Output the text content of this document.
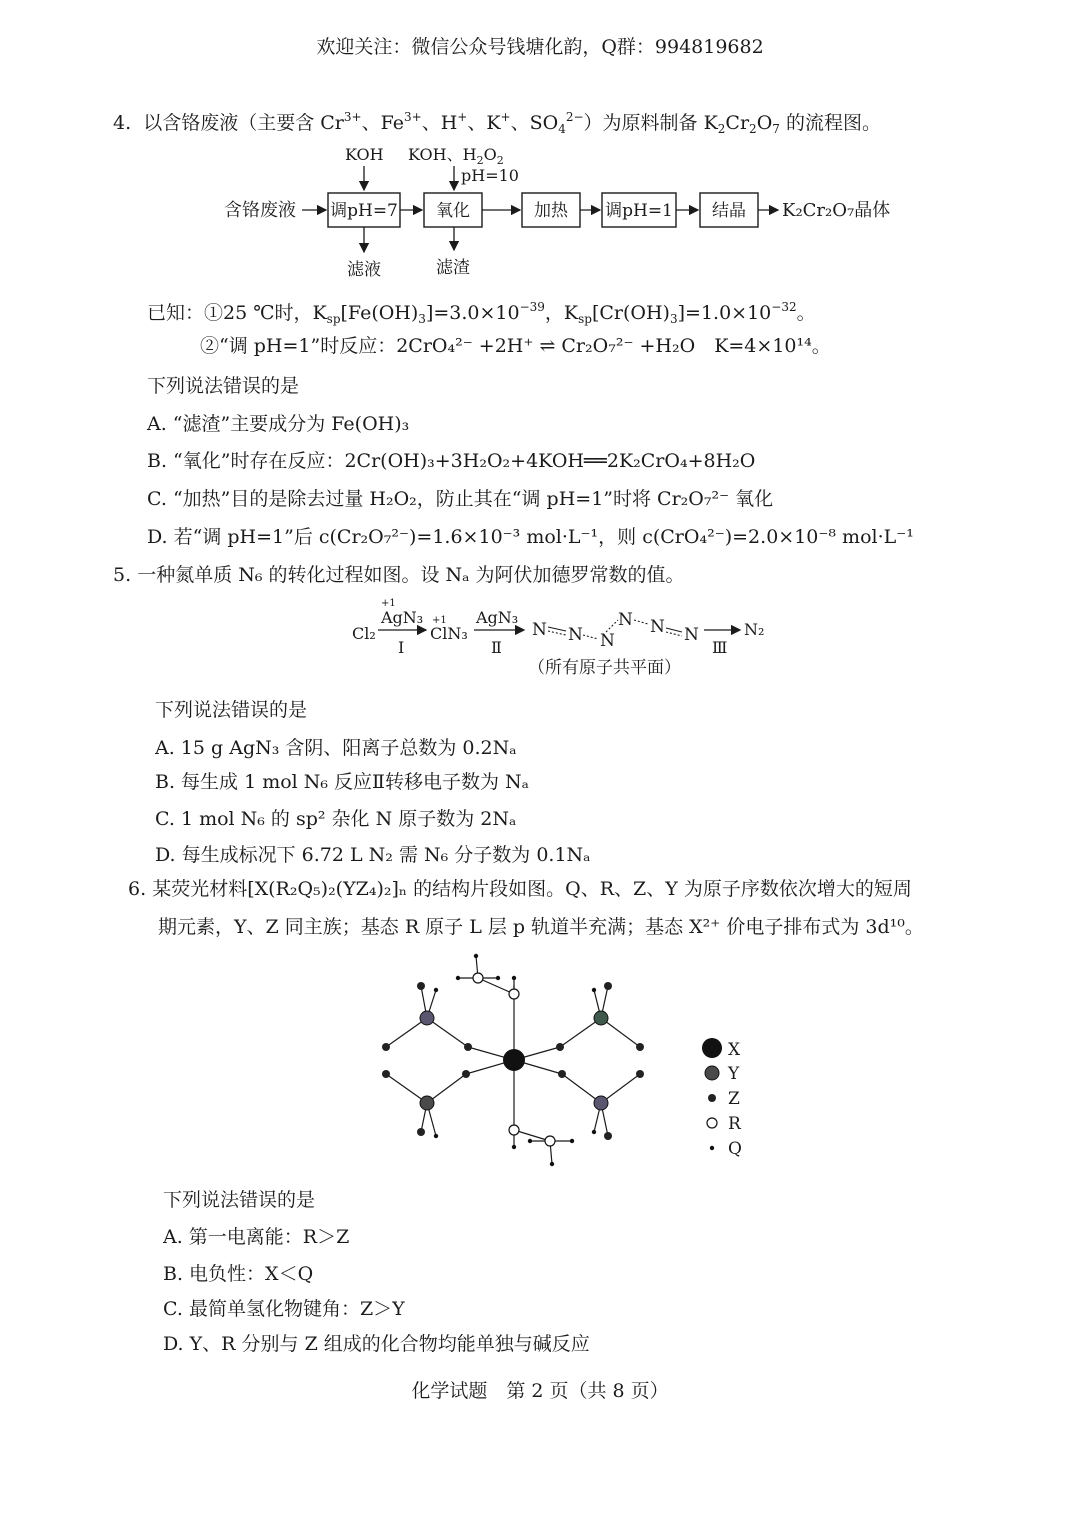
欢迎关注：微信公众号钱塘化韵，Q群：994819682
4. 以含铬废液（主要含 $Cr^{3+}$、$Fe^{3+}$、H+、K+、$SO_4^{2-}$）为原料制备 $K_2Cr_2O_7$ 的流程图。
KOH KOH、$H_2O_2$
pH=10
含铬废液 调pH=7 氧化	加热 调pH=1 结晶 K₂Cr₂O₇晶体
滤液	滤渣
已知：①25 ℃时，$K_{sp}[Fe(OH)_3]=3.0\times 10^{-39}$，$K_{sp}[Cr(OH)_3]=1.0\times 10^{-32}$。
②“调 pH=1”时反应：2CrO₄²⁻ +2H⁺ ⇌ Cr₂O₇²⁻ +H₂O　K=4×10¹⁴。
下列说法错误的是
A. “滤渣”主要成分为 Fe(OH)₃
B. “氧化”时存在反应：2Cr(OH)₃+3H₂O₂+4KOH══2K₂CrO₄+8H₂O
C. “加热”目的是除去过量 H₂O₂，防止其在“调 pH=1”时将 Cr₂O₇²⁻ 氧化
D. 若“调 pH=1”后 c(Cr₂O₇²⁻)=1.6×10⁻³ mol·L⁻¹，则 c(CrO₄²⁻)=2.0×10⁻⁸ mol·L⁻¹
5. 一种氮单质 N₆ 的转化过程如图。设 Nₐ 为阿伏加德罗常数的值。
Cl₂
+1
AgN₃
Ⅰ
+1
ClN₃
AgN₃
Ⅱ
N N N
N N N
Ⅲ
N₂
（所有原子共平面）
下列说法错误的是
A. 15 g AgN₃ 含阴、阳离子总数为 0.2Nₐ
B. 每生成 1 mol N₆ 反应Ⅱ转移电子数为 Nₐ
C. 1 mol N₆ 的 sp² 杂化 N 原子数为 2Nₐ
D. 每生成标况下 6.72 L N₂ 需 N₆ 分子数为 0.1Nₐ
6. 某荧光材料[X(R₂Q₅)₂(YZ₄)₂]ₙ 的结构片段如图。Q、R、Z、Y 为原子序数依次增大的短周
期元素，Y、Z 同主族；基态 R 原子 L 层 p 轨道半充满；基态 X²⁺ 价电子排布式为 3d¹⁰。
X
Y
Z
R
Q
下列说法错误的是
A. 第一电离能：R＞Z
B. 电负性：X＜Q
C. 最简单氢化物键角：Z＞Y
D. Y、R 分别与 Z 组成的化合物均能单独与碱反应
化学试题　第 2 页（共 8 页）
